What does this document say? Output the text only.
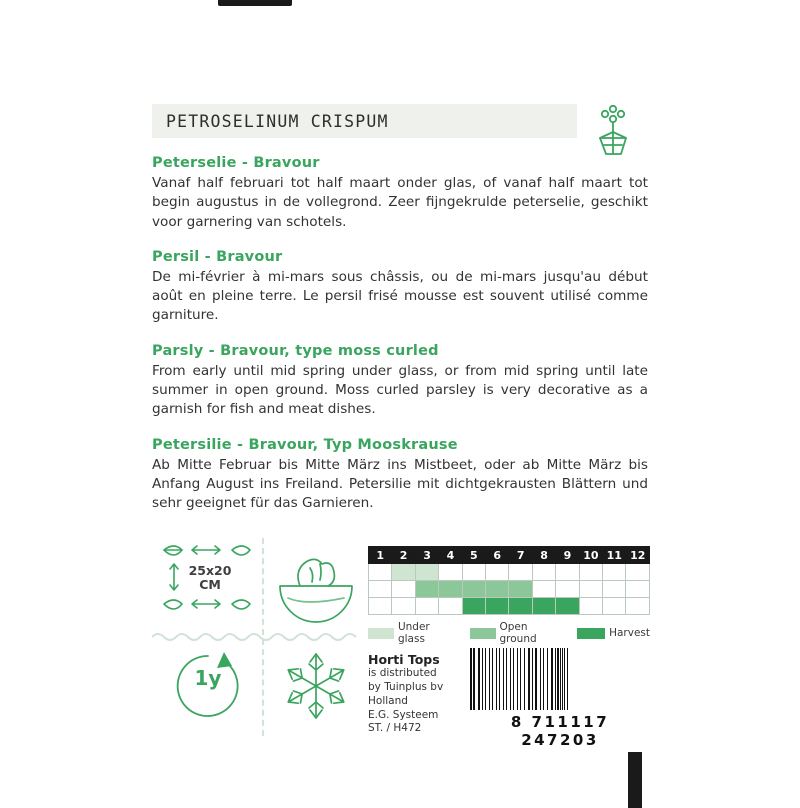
PETROSELINUM CRISPUM

Peterselie - Bravour

Vanaf half februari tot half maart onder glas, of vanaf half maart tot begin augustus in de vollegrond. Zeer fijngekrulde peterselie, geschikt voor garnering van schotels.

Persil - Bravour

De mi-février à mi-mars sous châssis, ou de mi-mars jusqu'au début août en pleine terre. Le persil frisé mousse est souvent utilisé comme garniture.

Parsly - Bravour, type moss curled

From early until mid spring under glass, or from mid spring until late summer in open ground. Moss curled parsley is very decorative as a garnish for fish and meat dishes.

Petersilie - Bravour, Typ Mooskrause

Ab Mitte Februar bis Mitte März ins Mistbeet, oder ab Mitte März bis Anfang August ins Freiland. Petersilie mit dichtgekrausten Blättern und sehr geeignet für das Garnieren.

25x20
CM
1y
1	2	3	4	5	6	7	8	9	10	11	12

Under glass
Open ground	Harvest
Horti Tops
is distributed
by Tuinplus bv
Holland
E.G. Systeem
ST. / H472	8 711117 247203
